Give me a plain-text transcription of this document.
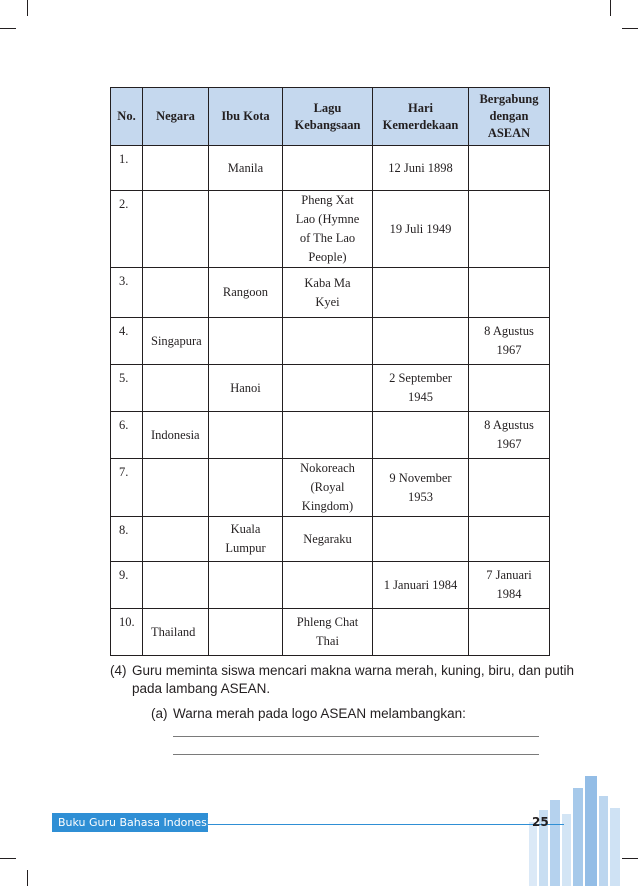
No.	Negara	Ibu Kota	Lagu
Kebangsaan	Hari
Kemerdekaan	Bergabung
dengan
ASEAN

1.		Manila		12 Juni 1898	

2.			Pheng Xat
Lao (Hymne
of The Lao
People)	19 Juli 1949	

3.		Rangoon	Kaba Ma
Kyei		

4.	Singapura				8 Agustus
1967

5.		Hanoi		2 September
1945	

6.	Indonesia				8 Agustus
1967

7.			Nokoreach
(Royal
Kingdom)	9 November
1953	

8.		Kuala
Lumpur	Negaraku		

9.				1 Januari 1984	7 Januari
1984

10.	Thailand		Phleng Chat
Thai		

(4) Guru meminta siswa mencari makna warna merah, kuning, biru, dan putih
pada lambang ASEAN.
(a) Warna merah pada logo ASEAN melambangkan:
Buku Guru Bahasa Indonesia	25
